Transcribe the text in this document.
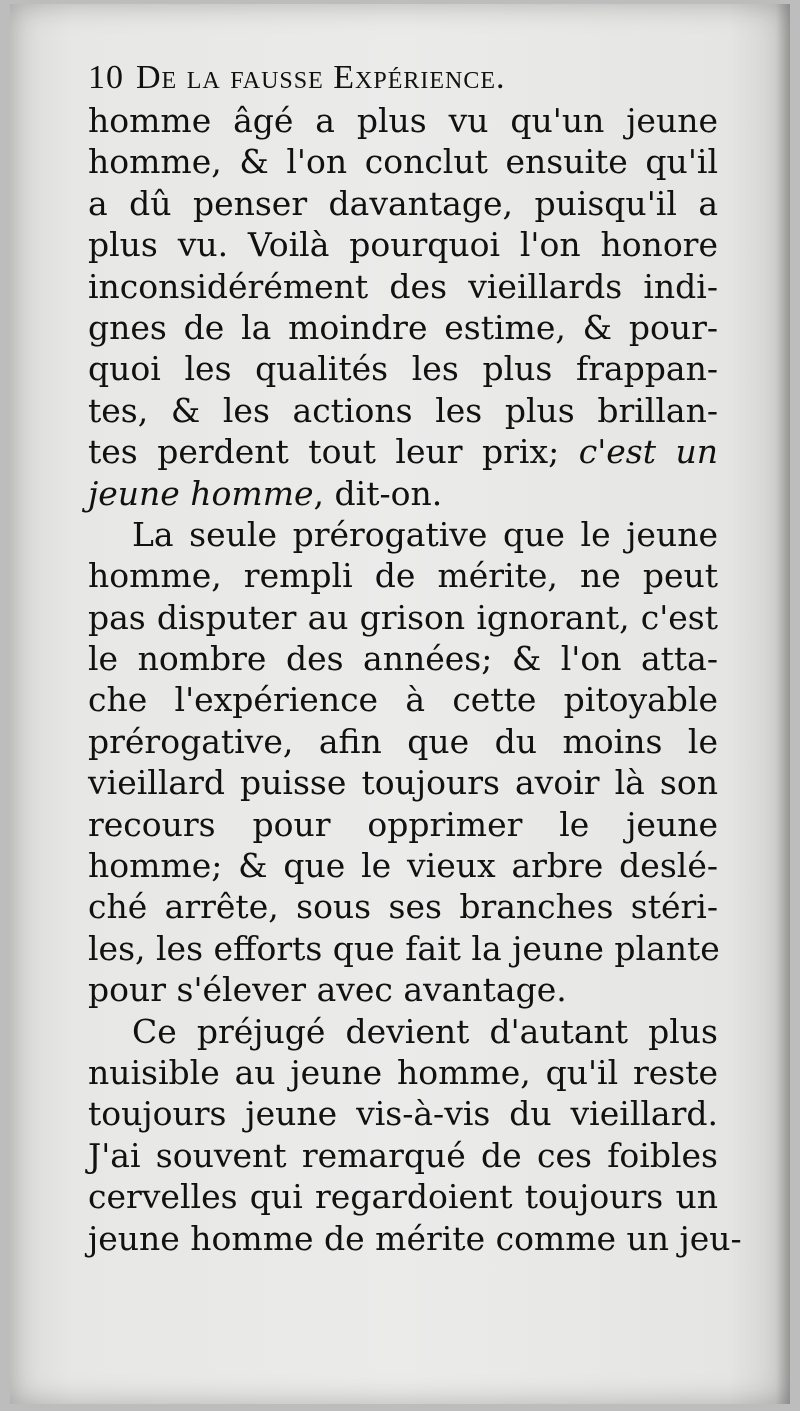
10 De la fausse Expérience.
homme âgé a plus vu qu'un jeune
homme, & l'on conclut ensuite qu'il
a dû penser davantage, puisqu'il a
plus vu. Voilà pourquoi l'on honore
inconsidérément des vieillards indi-
gnes de la moindre estime, & pour-
quoi les qualités les plus frappan-
tes, & les actions les plus brillan-
tes perdent tout leur prix; c'est un
jeune homme, dit-on.
La seule prérogative que le jeune
homme, rempli de mérite, ne peut
pas disputer au grison ignorant, c'est
le nombre des années; & l'on atta-
che l'expérience à cette pitoyable
prérogative, afin que du moins le
vieillard puisse toujours avoir là son
recours pour opprimer le jeune
homme; & que le vieux arbre deslé-
ché arrête, sous ses branches stéri-
les, les efforts que fait la jeune plante
pour s'élever avec avantage.
Ce préjugé devient d'autant plus
nuisible au jeune homme, qu'il reste
toujours jeune vis-à-vis du vieillard.
J'ai souvent remarqué de ces foibles
cervelles qui regardoient toujours un
jeune homme de mérite comme un jeu-
